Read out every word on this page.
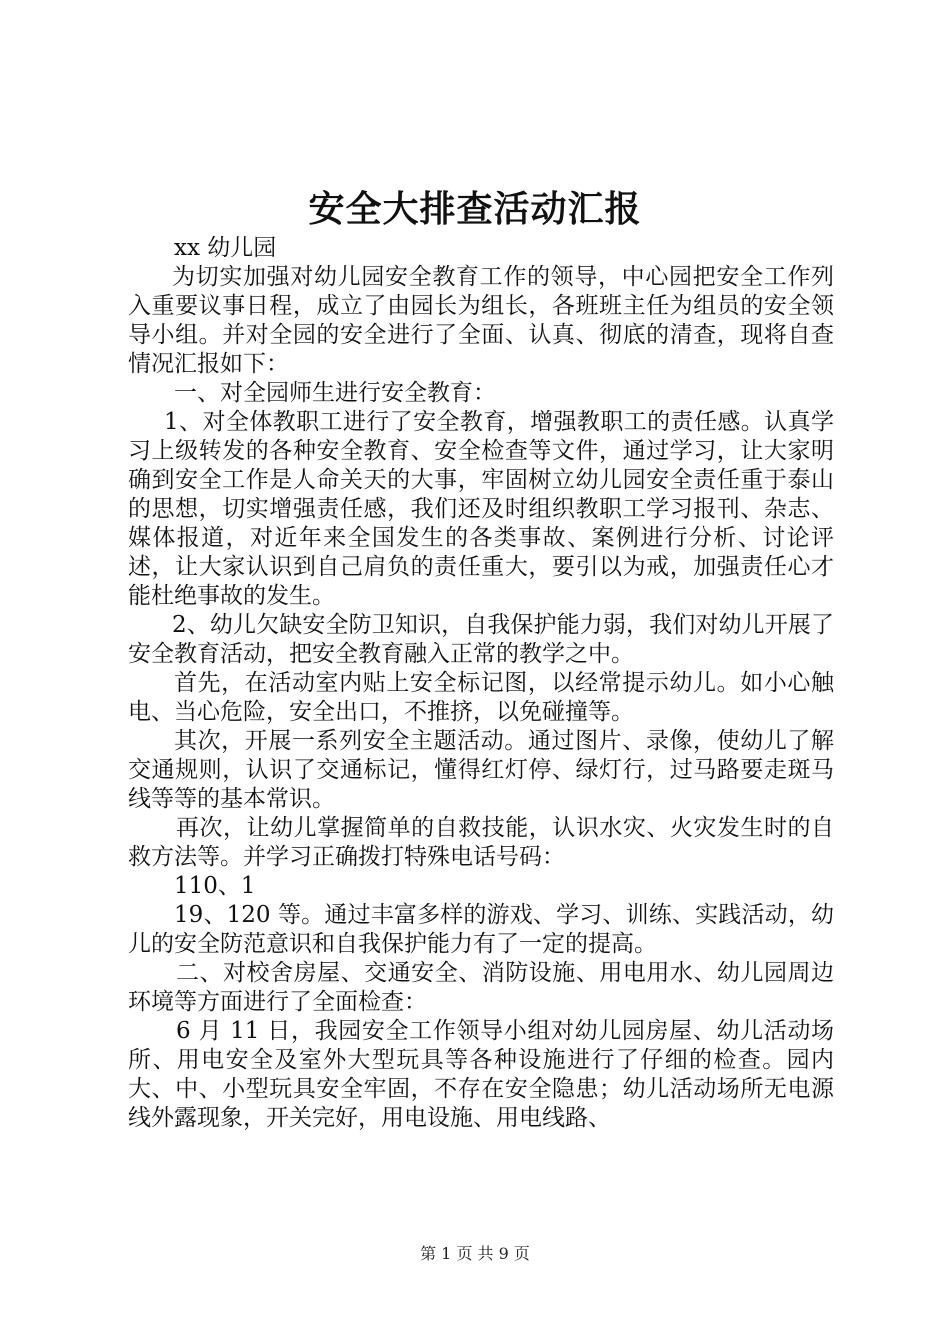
安全大排查活动汇报

xx 幼儿园

为切实加强对幼儿园安全教育工作的领导，中心园把安全工作列入重要议事日程，成立了由园长为组长，各班班主任为组员的安全领导小组。并对全园的安全进行了全面、认真、彻底的清查，现将自查情况汇报如下：

一、对全园师生进行安全教育：

1、对全体教职工进行了安全教育，增强教职工的责任感。认真学习上级转发的各种安全教育、安全检查等文件，通过学习，让大家明确到安全工作是人命关天的大事，牢固树立幼儿园安全责任重于泰山的思想，切实增强责任感，我们还及时组织教职工学习报刊、杂志、媒体报道，对近年来全国发生的各类事故、案例进行分析、讨论评述，让大家认识到自己肩负的责任重大，要引以为戒，加强责任心才能杜绝事故的发生。

2、幼儿欠缺安全防卫知识，自我保护能力弱，我们对幼儿开展了安全教育活动，把安全教育融入正常的教学之中。

首先，在活动室内贴上安全标记图，以经常提示幼儿。如小心触电、当心危险，安全出口，不推挤，以免碰撞等。

其次，开展一系列安全主题活动。通过图片、录像，使幼儿了解交通规则，认识了交通标记，懂得红灯停、绿灯行，过马路要走斑马线等等的基本常识。

再次，让幼儿掌握简单的自救技能，认识水灾、火灾发生时的自救方法等。并学习正确拨打特殊电话号码：

110、1

19、120 等。通过丰富多样的游戏、学习、训练、实践活动，幼儿的安全防范意识和自我保护能力有了一定的提高。

二、对校舍房屋、交通安全、消防设施、用电用水、幼儿园周边环境等方面进行了全面检查：

6 月 11 日，我园安全工作领导小组对幼儿园房屋、幼儿活动场所、用电安全及室外大型玩具等各种设施进行了仔细的检查。园内大、中、小型玩具安全牢固，不存在安全隐患；幼儿活动场所无电源线外露现象，开关完好，用电设施、用电线路、

第 1 页 共 9 页
